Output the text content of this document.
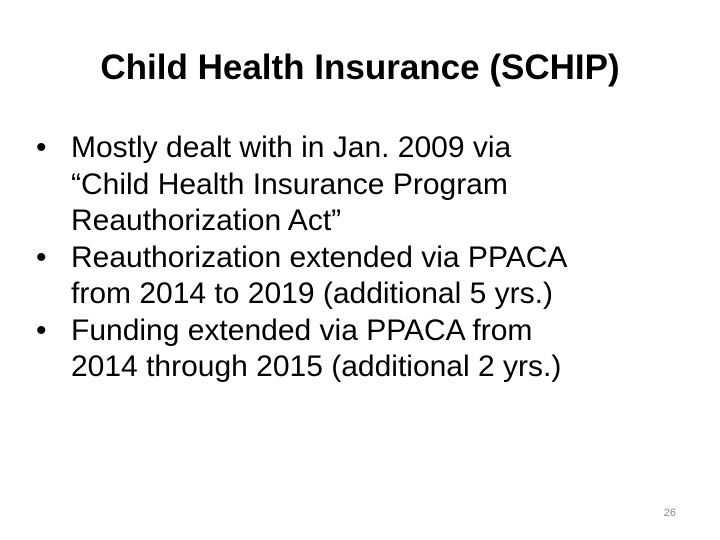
Child Health Insurance (SCHIP)
• Mostly dealt with in Jan. 2009 via
“Child Health Insurance Program
Reauthorization Act”
• Reauthorization extended via PPACA
from 2014 to 2019 (additional 5 yrs.)
• Funding extended via PPACA from
2014 through 2015 (additional 2 yrs.)
26
